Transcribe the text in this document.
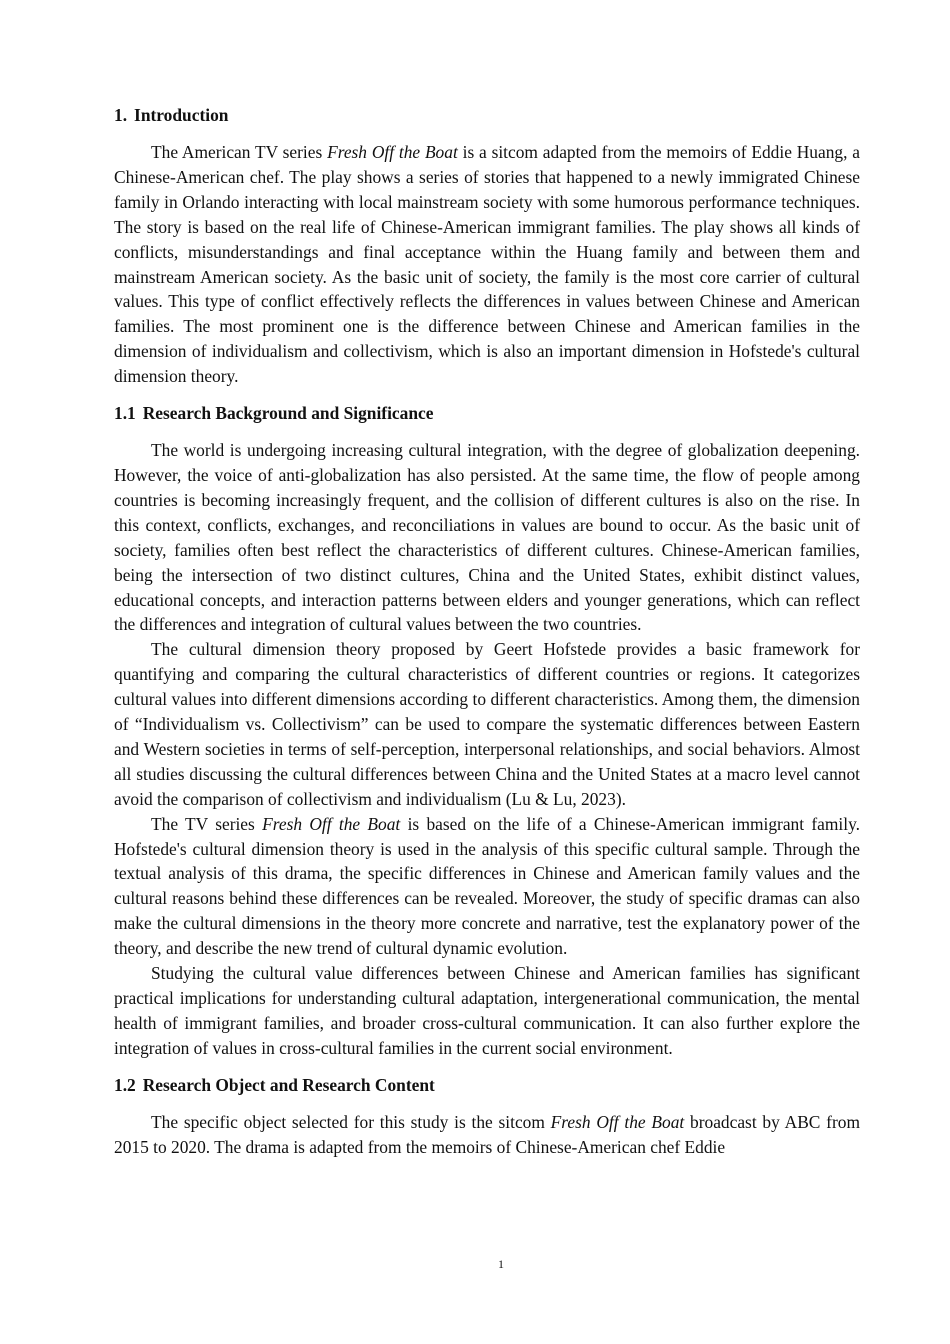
1. Introduction

The American TV series Fresh Off the Boat is a sitcom adapted from the memoirs of Eddie Huang, a Chinese-American chef. The play shows a series of stories that happened to a newly immigrated Chinese family in Orlando interacting with local mainstream society with some humorous performance techniques. The story is based on the real life of Chinese-American immigrant families. The play shows all kinds of conflicts, misunderstandings and final acceptance within the Huang family and between them and mainstream American society. As the basic unit of society, the family is the most core carrier of cultural values. This type of conflict effectively reflects the differences in values between Chinese and American families. The most prominent one is the difference between Chinese and American families in the dimension of individualism and collectivism, which is also an important dimension in Hofstede's cultural dimension theory.

1.1 Research Background and Significance

The world is undergoing increasing cultural integration, with the degree of globalization deepening. However, the voice of anti-globalization has also persisted. At the same time, the flow of people among countries is becoming increasingly frequent, and the collision of different cultures is also on the rise. In this context, conflicts, exchanges, and reconciliations in values are bound to occur. As the basic unit of society, families often best reflect the characteristics of different cultures. Chinese-American families, being the intersection of two distinct cultures, China and the United States, exhibit distinct values, educational concepts, and interaction patterns between elders and younger generations, which can reflect the differences and integration of cultural values between the two countries.

The cultural dimension theory proposed by Geert Hofstede provides a basic framework for quantifying and comparing the cultural characteristics of different countries or regions. It categorizes cultural values into different dimensions according to different characteristics. Among them, the dimension of “Individualism vs. Collectivism” can be used to compare the systematic differences between Eastern and Western societies in terms of self-perception, interpersonal relationships, and social behaviors. Almost all studies discussing the cultural differences between China and the United States at a macro level cannot avoid the comparison of collectivism and individualism (Lu & Lu, 2023).

The TV series Fresh Off the Boat is based on the life of a Chinese-American immigrant family. Hofstede's cultural dimension theory is used in the analysis of this specific cultural sample. Through the textual analysis of this drama, the specific differences in Chinese and American family values and the cultural reasons behind these differences can be revealed. Moreover, the study of specific dramas can also make the cultural dimensions in the theory more concrete and narrative, test the explanatory power of the theory, and describe the new trend of cultural dynamic evolution.

Studying the cultural value differences between Chinese and American families has significant practical implications for understanding cultural adaptation, intergenerational communication, the mental health of immigrant families, and broader cross-cultural communication. It can also further explore the integration of values in cross-cultural families in the current social environment.

1.2 Research Object and Research Content

The specific object selected for this study is the sitcom Fresh Off the Boat broadcast by ABC from 2015 to 2020. The drama is adapted from the memoirs of Chinese-American chef Eddie

1
